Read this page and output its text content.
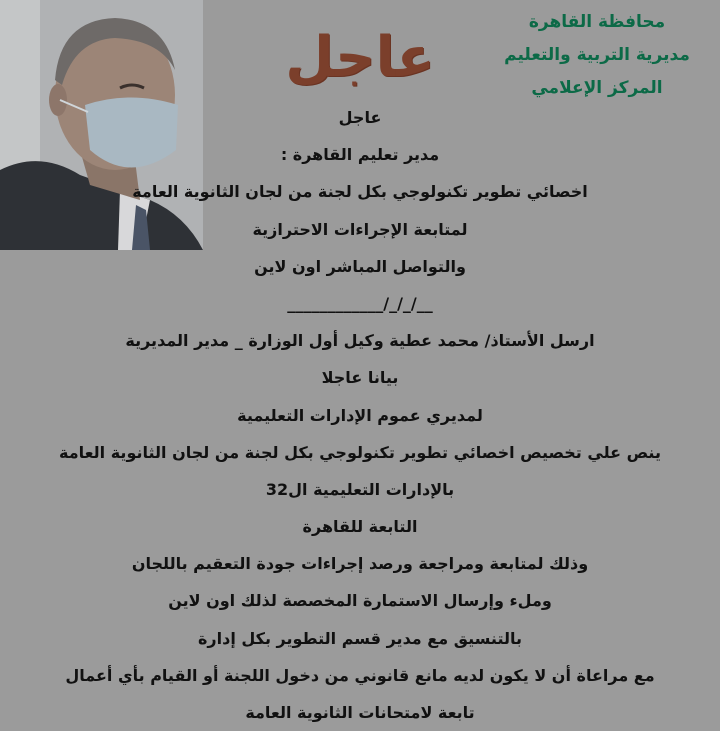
محافظة القاهرة
مديرية التربية والتعليم
المركز الإعلامي
عاجل
عاجل
مدير تعليم القاهرة :
اخصائي تطوير تكنولوجي بكل لجنة من لجان الثانوية العامة
لمتابعة الإجراءات الاحترازية
والتواصل المباشر اون لاين
____________/_/_/__
ارسل الأستاذ/ محمد عطية وكيل أول الوزارة _ مدير المديرية
بيانا عاجلا
لمديري عموم الإدارات التعليمية
ينص علي تخصيص اخصائي تطوير تكنولوجي بكل لجنة من لجان الثانوية العامة
بالإدارات التعليمية ال32
التابعة للقاهرة
وذلك لمتابعة ومراجعة ورصد إجراءات جودة التعقيم باللجان
وملء وإرسال الاستمارة المخصصة لذلك اون لاين
بالتنسيق مع مدير قسم التطوير بكل إدارة
مع مراعاة أن لا يكون لديه مانع قانوني من دخول اللجنة أو القيام بأي أعمال
تابعة لامتحانات الثانوية العامة
